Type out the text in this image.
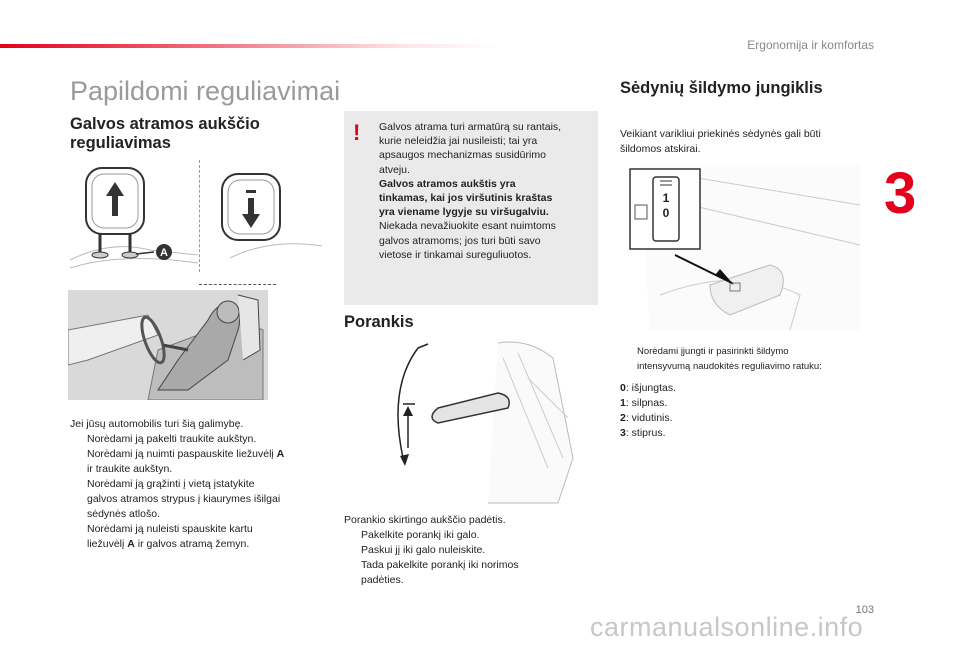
Ergonomija ir komfortas
3
Papildomi reguliavimai
Galvos atramos aukščio
reguliavimas
A

Jei jūsų automobilis turi šią galimybę.

Norėdami ją pakelti traukite aukštyn.
Norėdami ją nuimti paspauskite liežuvėlį A
ir traukite aukštyn.
Norėdami ją grąžinti į vietą įstatykite
galvos atramos strypus į kiaurymes išilgai
sėdynės atlošo.
Norėdami ją nuleisti spauskite kartu
liežuvėlį A ir galvos atramą žemyn.
! Galvos atrama turi armatūrą su rantais,
kurie neleidžia jai nusileisti; tai yra
apsaugos mechanizmas susidūrimo
atveju.
Galvos atramos aukštis yra
tinkamas, kai jos viršutinis kraštas
yra viename lygyje su viršugalviu.
Niekada nevažiuokite esant nuimtoms
galvos atramoms; jos turi būti savo
vietose ir tinkamai sureguliuotos.
Porankis

Porankio skirtingo aukščio padėtis.

Pakelkite porankį iki galo.
Paskui jį iki galo nuleiskite.
Tada pakelkite porankį iki norimos
padėties.
Sėdynių šildymo jungiklis

Veikiant varikliui priekinės sėdynės gali būti

šildomos atskirai.

1
0
Norėdami įjungti ir pasirinkti šildymo
intensyvumą naudokitės reguliavimo ratuku:
0: išjungtas.
1: silpnas.
2: vidutinis.
3: stiprus.
103
carmanualsonline.info
